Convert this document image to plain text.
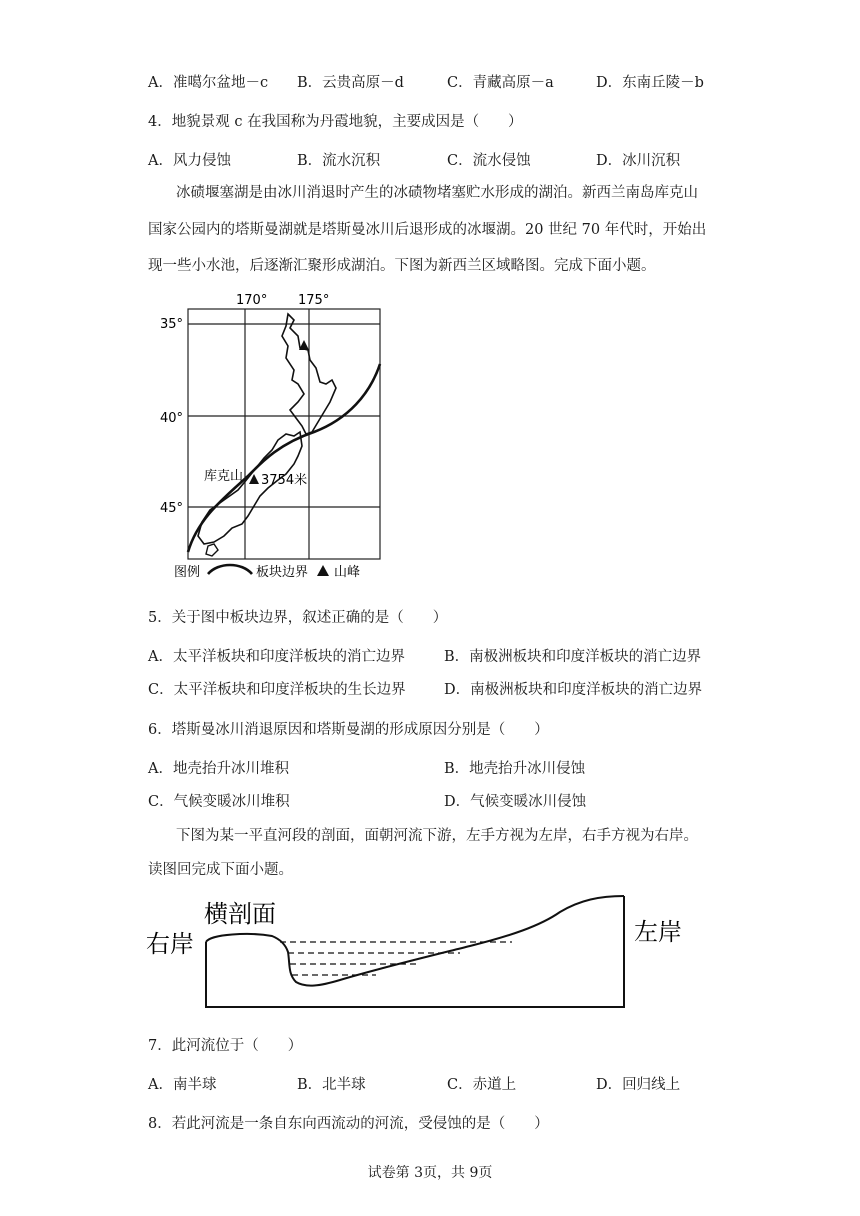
A．准噶尔盆地－c B．云贵高原－d	C．青藏高原－a	D．东南丘陵－b
4．地貌景观 c 在我国称为丹霞地貌，主要成因是（　　）
A．风力侵蚀	B．流水沉积	C．流水侵蚀	D．冰川沉积
冰碛堰塞湖是由冰川消退时产生的冰碛物堵塞贮水形成的湖泊。新西兰南岛库克山
国家公园内的塔斯曼湖就是塔斯曼冰川后退形成的冰堰湖。20 世纪 70 年代时，开始出
现一些小水池，后逐渐汇聚形成湖泊。下图为新西兰区域略图。完成下面小题。
170° 175°
35°
40°
45°
库克山 3754米
图例	板块边界 山峰
5．关于图中板块边界，叙述正确的是（　　）
A．太平洋板块和印度洋板块的消亡边界	B．南极洲板块和印度洋板块的消亡边界
C．太平洋板块和印度洋板块的生长边界	D．南极洲板块和印度洋板块的消亡边界
6．塔斯曼冰川消退原因和塔斯曼湖的形成原因分别是（　　）
A．地壳抬升冰川堆积	B．地壳抬升冰川侵蚀
C．气候变暖冰川堆积	D．气候变暖冰川侵蚀
下图为某一平直河段的剖面，面朝河流下游，左手方视为左岸，右手方视为右岸。
读图回完成下面小题。
横剖面
右岸	左岸
7．此河流位于（　　）
A．南半球	B．北半球	C．赤道上	D．回归线上
8．若此河流是一条自东向西流动的河流，受侵蚀的是（　　）
试卷第 3页，共 9页
